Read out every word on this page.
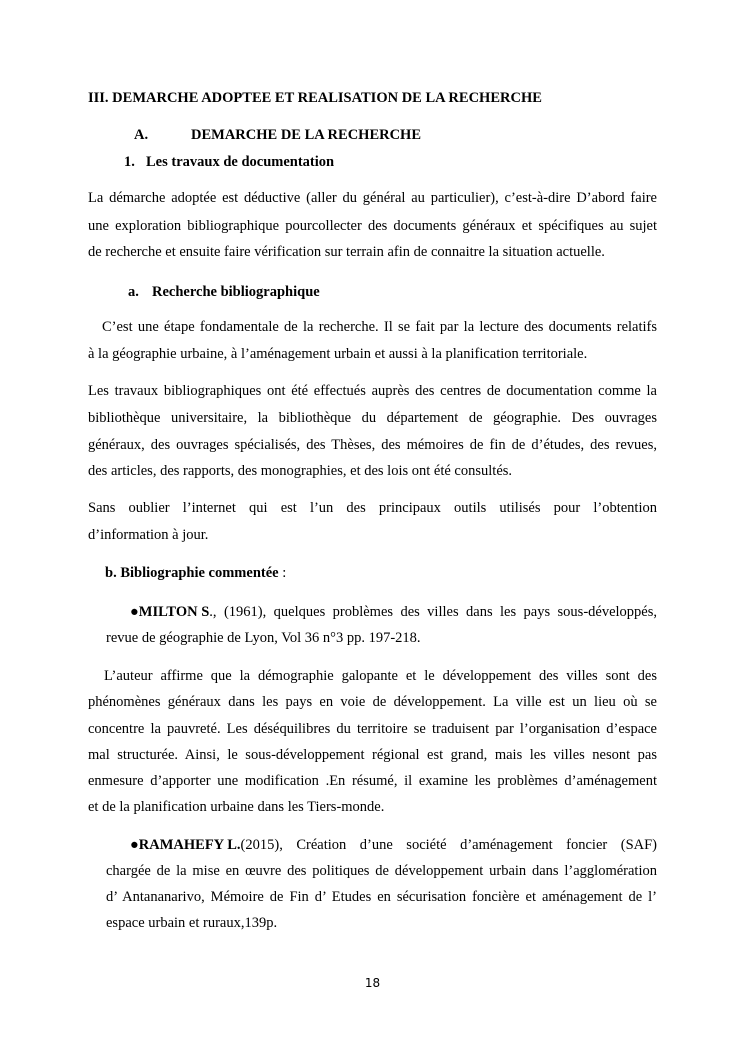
III. DEMARCHE ADOPTEE ET REALISATION DE LA RECHERCHE
A.	DEMARCHE DE LA RECHERCHE
1. Les travaux de documentation
La démarche adoptée est déductive (aller du général au particulier), c’est-à-dire D’abord faire
une exploration bibliographique pourcollecter des documents généraux et spécifiques au sujet
de recherche et ensuite faire vérification sur terrain afin de connaitre la situation actuelle.
a. Recherche bibliographique
C’est une étape fondamentale de la recherche. Il se fait par la lecture des documents relatifs
à la géographie urbaine, à l’aménagement urbain et aussi à la planification territoriale.
Les travaux bibliographiques ont été effectués auprès des centres de documentation comme la
bibliothèque universitaire, la bibliothèque du département de géographie. Des ouvrages
généraux, des ouvrages spécialisés, des Thèses, des mémoires de fin de d’études, des revues,
des articles, des rapports, des monographies, et des lois ont été consultés.
Sans oublier l’internet qui est l’un des principaux outils utilisés pour l’obtention
d’information à jour.
b. Bibliographie commentée :
● MILTON S ., (1961), quelques problèmes des villes dans les pays sous-développés,
revue de géographie de Lyon, Vol 36 n°3 pp. 197-218.
L’auteur affirme que la démographie galopante et le développement des villes sont des
phénomènes généraux dans les pays en voie de développement. La ville est un lieu où se
concentre la pauvreté. Les déséquilibres du territoire se traduisent par l’organisation d’espace
mal structurée. Ainsi, le sous-développement régional est grand, mais les villes nesont pas
enmesure d’apporter une modification .En résumé, il examine les problèmes d’aménagement
et de la planification urbaine dans les Tiers-monde.
● RAMAHEFY L. (2015), Création d’une société d’aménagement foncier (SAF)
chargée de la mise en œuvre des politiques de développement urbain dans l’agglomération
d’ Antananarivo, Mémoire de Fin d’ Etudes en sécurisation foncière et aménagement de l’
espace urbain et ruraux,139p.
18
